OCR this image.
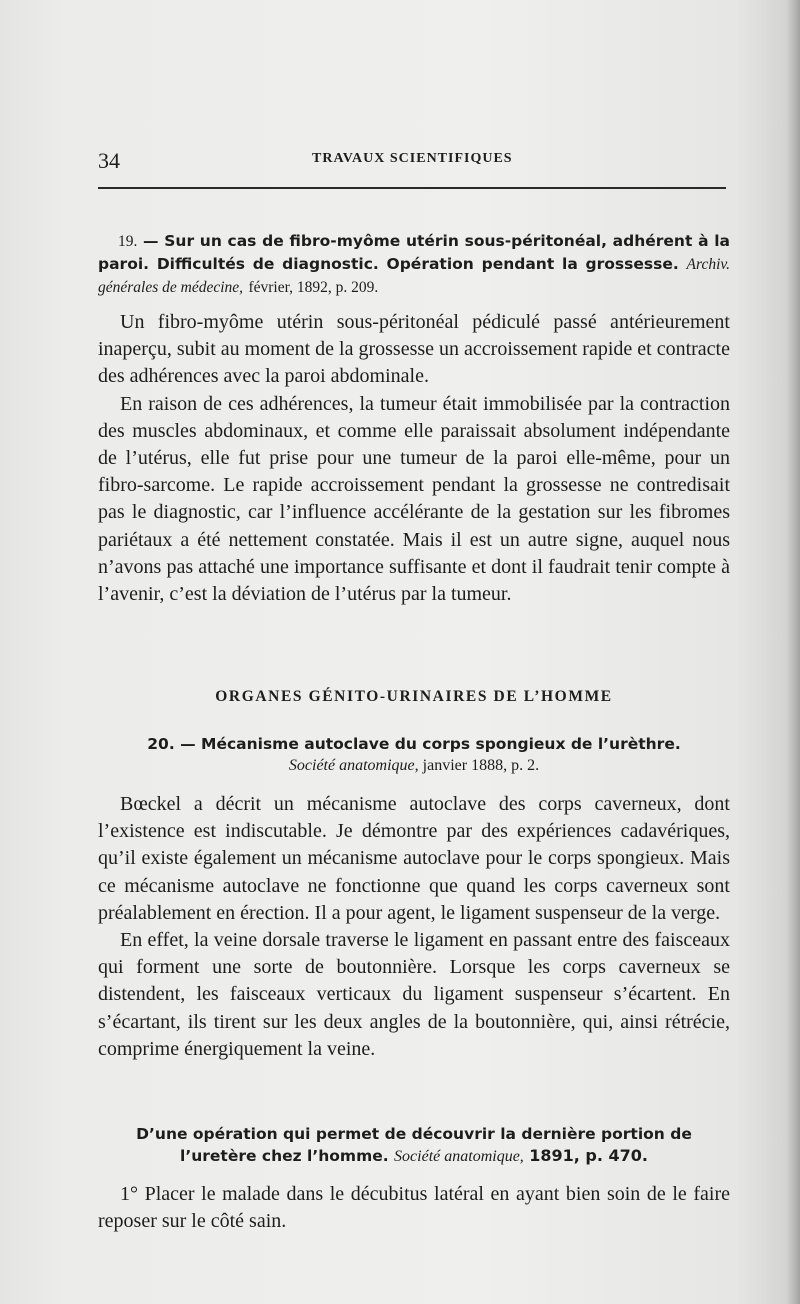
34	TRAVAUX SCIENTIFIQUES
19. — Sur un cas de fibro-myôme utérin sous-péritonéal, adhérent à la paroi. Difficultés de diagnostic. Opération pendant la grossesse. Archiv. générales de médecine, février, 1892, p. 209.

Un fibro-myôme utérin sous-péritonéal pédiculé passé antérieurement inaperçu, subit au moment de la grossesse un accroissement rapide et contracte des adhérences avec la paroi abdominale.

En raison de ces adhérences, la tumeur était immobilisée par la contraction des muscles abdominaux, et comme elle paraissait absolument indépendante de l’utérus, elle fut prise pour une tumeur de la paroi elle-même, pour un fibro-sarcome. Le rapide accroissement pendant la grossesse ne contredisait pas le diagnostic, car l’influence accélérante de la gestation sur les fibromes pariétaux a été nettement constatée. Mais il est un autre signe, auquel nous n’avons pas attaché une importance suffisante et dont il faudrait tenir compte à l’avenir, c’est la déviation de l’utérus par la tumeur.

ORGANES GÉNITO-URINAIRES DE L’HOMME
20. — Mécanisme autoclave du corps spongieux de l’urèthre.
Société anatomique, janvier 1888, p. 2.

Bœckel a décrit un mécanisme autoclave des corps caverneux, dont l’existence est indiscutable. Je démontre par des expériences cadavériques, qu’il existe également un mécanisme autoclave pour le corps spongieux. Mais ce mécanisme autoclave ne fonctionne que quand les corps caverneux sont préalablement en érection. Il a pour agent, le ligament suspenseur de la verge.

En effet, la veine dorsale traverse le ligament en passant entre des faisceaux qui forment une sorte de boutonnière. Lorsque les corps caverneux se distendent, les faisceaux verticaux du ligament suspenseur s’écartent. En s’écartant, ils tirent sur les deux angles de la boutonnière, qui, ainsi rétrécie, comprime énergiquement la veine.

D’une opération qui permet de découvrir la dernière portion de l’uretère chez l’homme. Société anatomique, 1891, p. 470.

1° Placer le malade dans le décubitus latéral en ayant bien soin de le faire reposer sur le côté sain.
